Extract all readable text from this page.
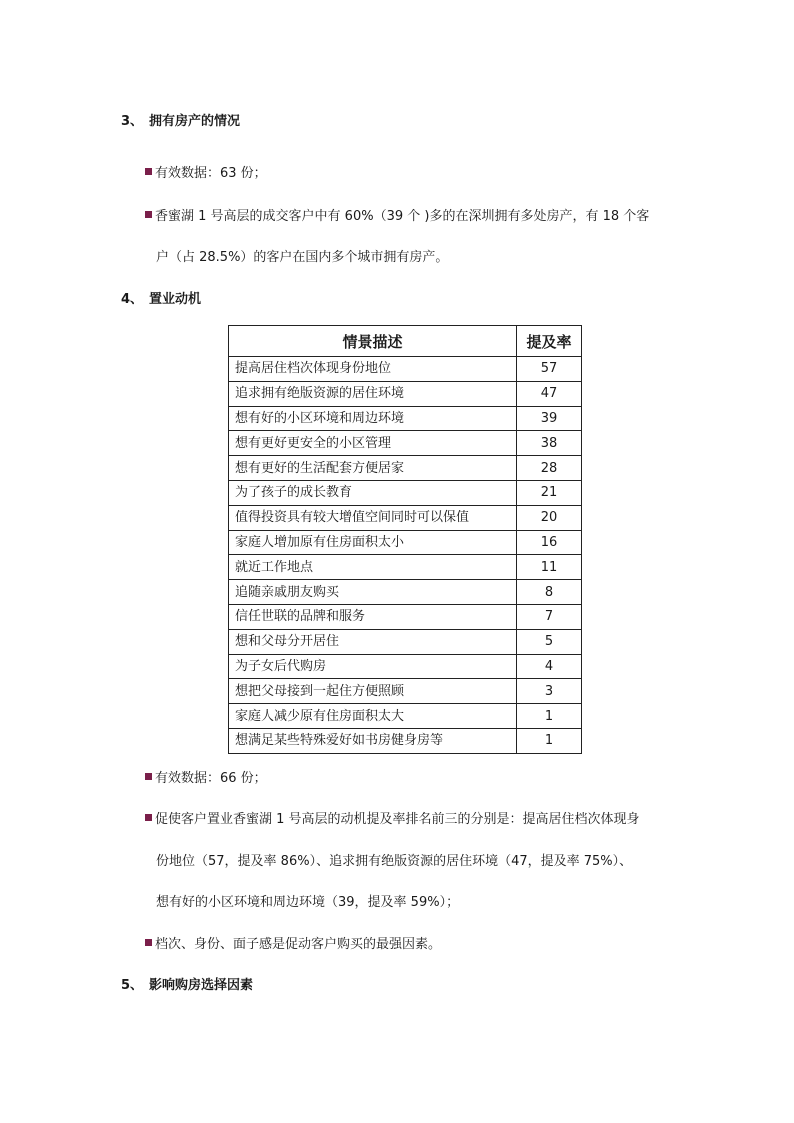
3、 拥有房产的情况
有效数据：63 份；
香蜜湖 1 号高层的成交客户中有 60%（39 个 )多的在深圳拥有多处房产，有 18 个客
户（占 28.5%）的客户在国内多个城市拥有房产。
4、 置业动机
情景描述	提及率
提高居住档次体现身份地位	57
追求拥有绝版资源的居住环境	47
想有好的小区环境和周边环境	39
想有更好更安全的小区管理	38
想有更好的生活配套方便居家	28
为了孩子的成长教育	21
值得投资具有较大增值空间同时可以保值	20
家庭人增加原有住房面积太小	16
就近工作地点	11
追随亲戚朋友购买	8
信任世联的品牌和服务	7
想和父母分开居住	5
为子女后代购房	4
想把父母接到一起住方便照顾	3
家庭人减少原有住房面积太大	1
想满足某些特殊爱好如书房健身房等	1
有效数据：66 份；
促使客户置业香蜜湖 1 号高层的动机提及率排名前三的分别是：提高居住档次体现身
份地位（57，提及率 86%）、追求拥有绝版资源的居住环境（47，提及率 75%）、
想有好的小区环境和周边环境（39，提及率 59%）；
档次、身份、面子感是促动客户购买的最强因素。
5、 影响购房选择因素
